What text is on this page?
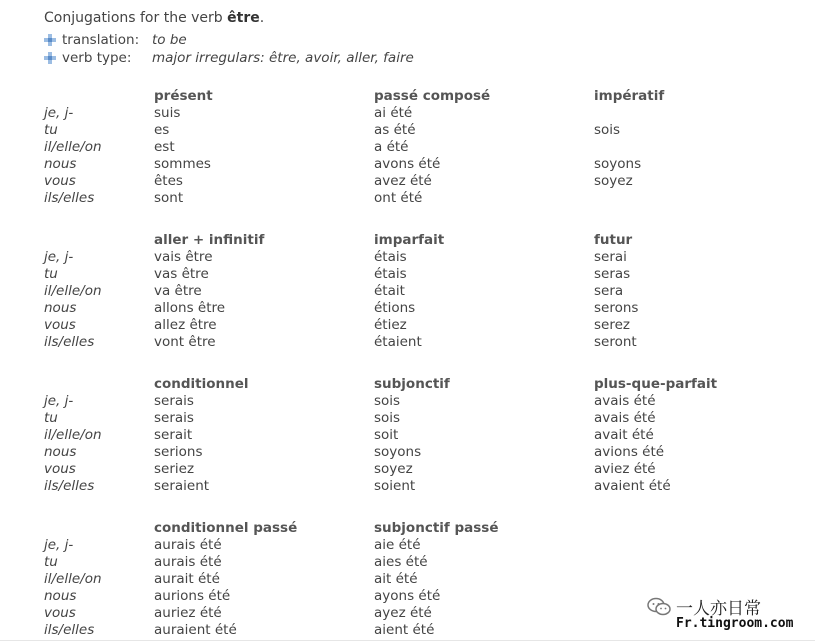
Conjugations for the verb être.
translation: to be
verb type: major irregulars: être, avoir, aller, faire
je, j-
tu
il/elle/on
nous
vous
ils/elles
présent
suis
es
est
sommes
êtes
sont
passé composé
ai été
as été
a été
avons été
avez été
ont été
impératif
sois
soyons
soyez
je, j-
tu
il/elle/on
nous
vous
ils/elles
aller + infinitif
vais être
vas être
va être
allons être
allez être
vont être
imparfait
étais
étais
était
étions
étiez
étaient
futur
serai
seras
sera
serons
serez
seront
je, j-
tu
il/elle/on
nous
vous
ils/elles
conditionnel
serais
serais
serait
serions
seriez
seraient
subjonctif
sois
sois
soit
soyons
soyez
soient
plus-que-parfait
avais été
avais été
avait été
avions été
aviez été
avaient été
je, j-
tu
il/elle/on
nous
vous
ils/elles
conditionnel passé
aurais été
aurais été
aurait été
aurions été
auriez été
auraient été
subjonctif passé
aie été
aies été
ait été
ayons été
ayez été
aient été
一人亦日常
Fr.tingroom.com
